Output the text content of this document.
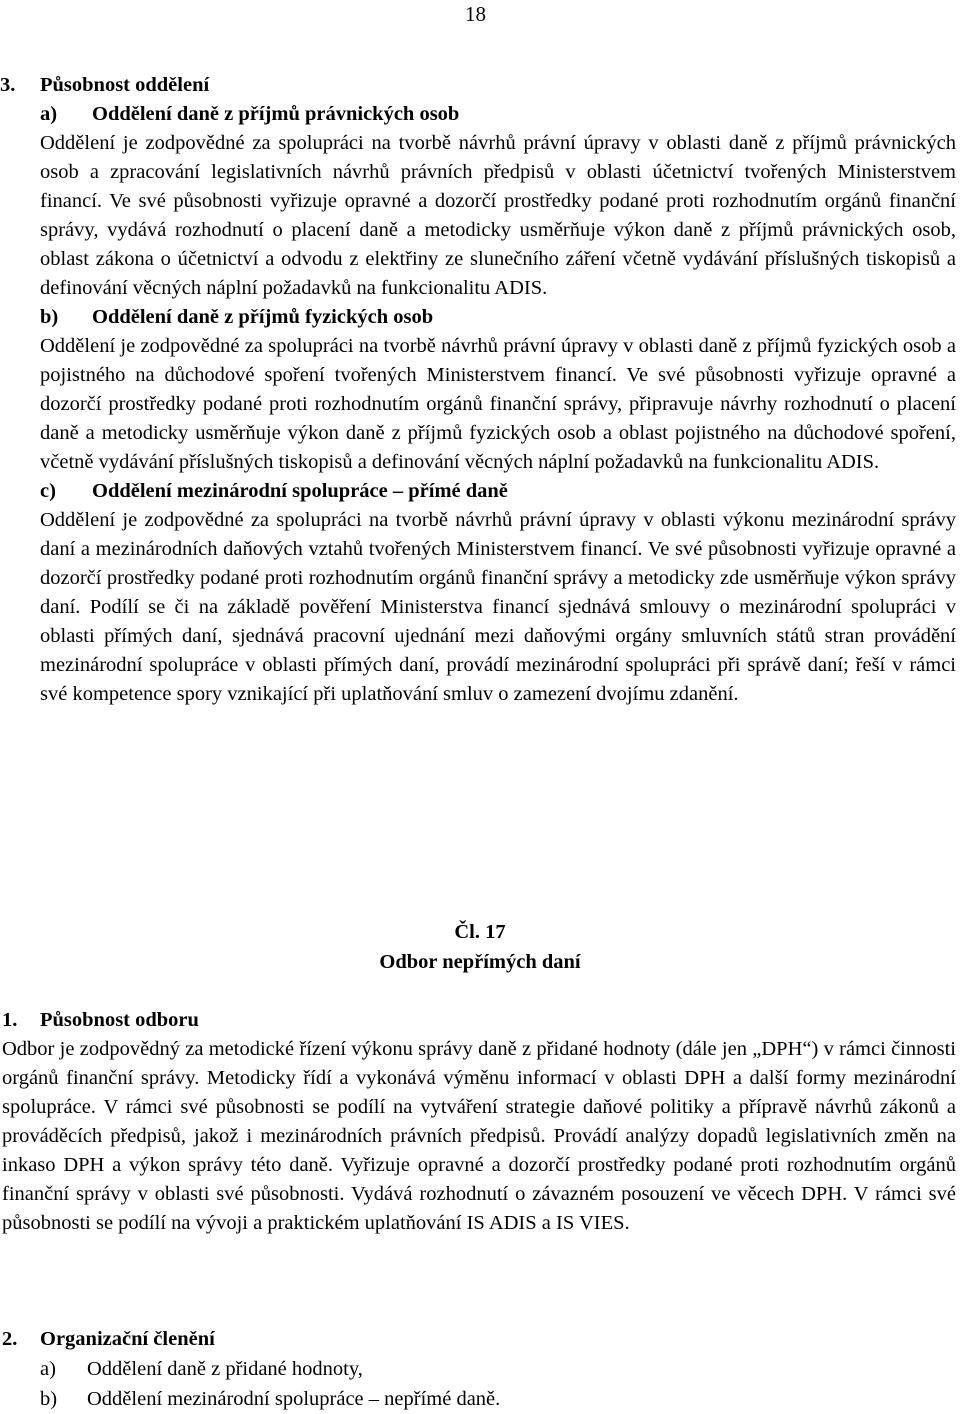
18
3. Působnost oddělení
a) Oddělení daně z příjmů právnických osob
Oddělení je zodpovědné za spolupráci na tvorbě návrhů právní úpravy v oblasti daně z příjmů právnických osob a zpracování legislativních návrhů právních předpisů v oblasti účetnictví tvořených Ministerstvem financí. Ve své působnosti vyřizuje opravné a dozorčí prostředky podané proti rozhodnutím orgánů finanční správy, vydává rozhodnutí o placení daně a metodicky usměrňuje výkon daně z příjmů právnických osob, oblast zákona o účetnictví a odvodu z elektřiny ze slunečního záření včetně vydávání příslušných tiskopisů a definování věcných náplní požadavků na funkcionalitu ADIS.
b) Oddělení daně z příjmů fyzických osob
Oddělení je zodpovědné za spolupráci na tvorbě návrhů právní úpravy v oblasti daně z příjmů fyzických osob a pojistného na důchodové spoření tvořených Ministerstvem financí. Ve své působnosti vyřizuje opravné a dozorčí prostředky podané proti rozhodnutím orgánů finanční správy, připravuje návrhy rozhodnutí o placení daně a metodicky usměrňuje výkon daně z příjmů fyzických osob a oblast pojistného na důchodové spoření, včetně vydávání příslušných tiskopisů a definování věcných náplní požadavků na funkcionalitu ADIS.
c) Oddělení mezinárodní spolupráce – přímé daně
Oddělení je zodpovědné za spolupráci na tvorbě návrhů právní úpravy v oblasti výkonu mezinárodní správy daní a mezinárodních daňových vztahů tvořených Ministerstvem financí. Ve své působnosti vyřizuje opravné a dozorčí prostředky podané proti rozhodnutím orgánů finanční správy a metodicky zde usměrňuje výkon správy daní. Podílí se či na základě pověření Ministerstva financí sjednává smlouvy o mezinárodní spolupráci v oblasti přímých daní, sjednává pracovní ujednání mezi daňovými orgány smluvních států stran provádění mezinárodní spolupráce v oblasti přímých daní, provádí mezinárodní spolupráci při správě daní; řeší v rámci své kompetence spory vznikající při uplatňování smluv o zamezení dvojímu zdanění.
Čl. 17
Odbor nepřímých daní
1. Působnost odboru
Odbor je zodpovědný za metodické řízení výkonu správy daně z přidané hodnoty (dále jen „DPH“) v rámci činnosti orgánů finanční správy. Metodicky řídí a vykonává výměnu informací v oblasti DPH a další formy mezinárodní spolupráce. V rámci své působnosti se podílí na vytváření strategie daňové politiky a přípravě návrhů zákonů a prováděcích předpisů, jakož i mezinárodních právních předpisů. Provádí analýzy dopadů legislativních změn na inkaso DPH a výkon správy této daně. Vyřizuje opravné a dozorčí prostředky podané proti rozhodnutím orgánů finanční správy v oblasti své působnosti. Vydává rozhodnutí o závazném posouzení ve věcech DPH. V rámci své působnosti se podílí na vývoji a praktickém uplatňování IS ADIS a IS VIES.
2. Organizační členění
a) Oddělení daně z přidané hodnoty,
b) Oddělení mezinárodní spolupráce – nepřímé daně.
